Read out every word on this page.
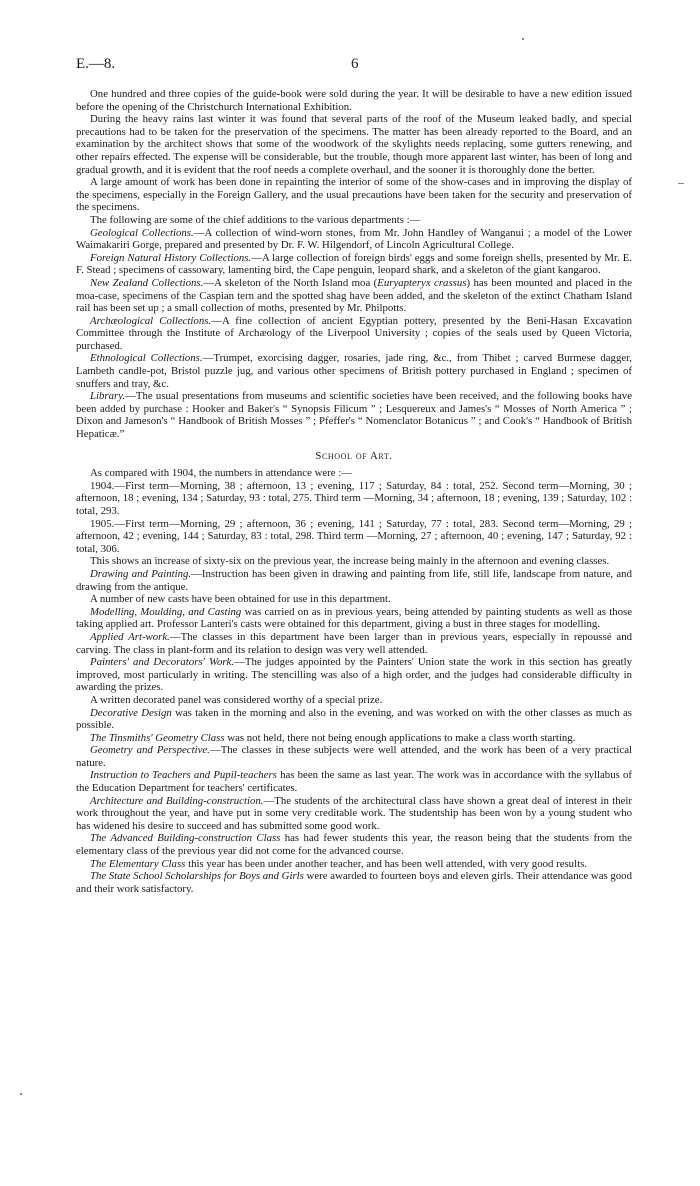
E.—8.	6

One hundred and three copies of the guide-book were sold during the year. It will be desirable to have a new edition issued before the opening of the Christchurch International Exhibition.

During the heavy rains last winter it was found that several parts of the roof of the Museum leaked badly, and special precautions had to be taken for the preservation of the specimens. The matter has been already reported to the Board, and an examination by the architect shows that some of the woodwork of the skylights needs replacing, some gutters renewing, and other repairs effected. The expense will be considerable, but the trouble, though more apparent last winter, has been of long and gradual growth, and it is evident that the roof needs a complete overhaul, and the sooner it is thoroughly done the better.

A large amount of work has been done in repainting the interior of some of the show-cases and in improving the display of the specimens, especially in the Foreign Gallery, and the usual precautions have been taken for the security and preservation of the specimens.

The following are some of the chief additions to the various departments :—

Geological Collections.—A collection of wind-worn stones, from Mr. John Handley of Wanganui ; a model of the Lower Waimakariri Gorge, prepared and presented by Dr. F. W. Hilgendorf, of Lincoln Agricultural College.

Foreign Natural History Collections.—A large collection of foreign birds' eggs and some foreign shells, presented by Mr. E. F. Stead ; specimens of cassowary, lamenting bird, the Cape penguin, leopard shark, and a skeleton of the giant kangaroo.

New Zealand Collections.—A skeleton of the North Island moa (Euryapteryx crassus) has been mounted and placed in the moa-case, specimens of the Caspian tern and the spotted shag have been added, and the skeleton of the extinct Chatham Island rail has been set up ; a small collection of moths, presented by Mr. Philpotts.

Archæological Collections.—A fine collection of ancient Egyptian pottery, presented by the Beni-Hasan Excavation Committee through the Institute of Archæology of the Liverpool University ; copies of the seals used by Queen Victoria, purchased.

Ethnological Collections.—Trumpet, exorcising dagger, rosaries, jade ring, &c., from Thibet ; carved Burmese dagger, Lambeth candle-pot, Bristol puzzle jug, and various other specimens of British pottery purchased in England ; specimen of snuffers and tray, &c.

Library.—The usual presentations from museums and scientific societies have been received, and the following books have been added by purchase : Hooker and Baker's “ Synopsis Filicum ” ; Lesquereux and James's “ Mosses of North America ” ; Dixon and Jameson's “ Handbook of British Mosses ” ; Pfeffer's “ Nomenclator Botanicus ” ; and Cook's “ Handbook of British Hepaticæ.”

School of Art.

As compared with 1904, the numbers in attendance were :—

1904.—First term—Morning, 38 ; afternoon, 13 ; evening, 117 ; Saturday, 84 : total, 252. Second term—Morning, 30 ; afternoon, 18 ; evening, 134 ; Saturday, 93 : total, 275. Third term —Morning, 34 ; afternoon, 18 ; evening, 139 ; Saturday, 102 : total, 293.

1905.—First term—Morning, 29 ; afternoon, 36 ; evening, 141 ; Saturday, 77 : total, 283. Second term—Morning, 29 ; afternoon, 42 ; evening, 144 ; Saturday, 83 : total, 298. Third term —Morning, 27 ; afternoon, 40 ; evening, 147 ; Saturday, 92 : total, 306.

This shows an increase of sixty-six on the previous year, the increase being mainly in the afternoon and evening classes.

Drawing and Painting.—Instruction has been given in drawing and painting from life, still life, landscape from nature, and drawing from the antique.

A number of new casts have been obtained for use in this department.

Modelling, Moulding, and Casting was carried on as in previous years, being attended by painting students as well as those taking applied art. Professor Lanteri's casts were obtained for this department, giving a bust in three stages for modelling.

Applied Art-work.—The classes in this department have been larger than in previous years, especially in repoussé and carving. The class in plant-form and its relation to design was very well attended.

Painters' and Decorators' Work.—The judges appointed by the Painters' Union state the work in this section has greatly improved, most particularly in writing. The stencilling was also of a high order, and the judges had considerable difficulty in awarding the prizes.

A written decorated panel was considered worthy of a special prize.

Decorative Design was taken in the morning and also in the evening, and was worked on with the other classes as much as possible.

The Tinsmiths' Geometry Class was not held, there not being enough applications to make a class worth starting.

Geometry and Perspective.—The classes in these subjects were well attended, and the work has been of a very practical nature.

Instruction to Teachers and Pupil-teachers has been the same as last year. The work was in accordance with the syllabus of the Education Department for teachers' certificates.

Architecture and Building-construction.—The students of the architectural class have shown a great deal of interest in their work throughout the year, and have put in some very creditable work. The studentship has been won by a young student who has widened his desire to succeed and has submitted some good work.

The Advanced Building-construction Class has had fewer students this year, the reason being that the students from the elementary class of the previous year did not come for the advanced course.

The Elementary Class this year has been under another teacher, and has been well attended, with very good results.

The State School Scholarships for Boys and Girls were awarded to fourteen boys and eleven girls. Their attendance was good and their work satisfactory.
